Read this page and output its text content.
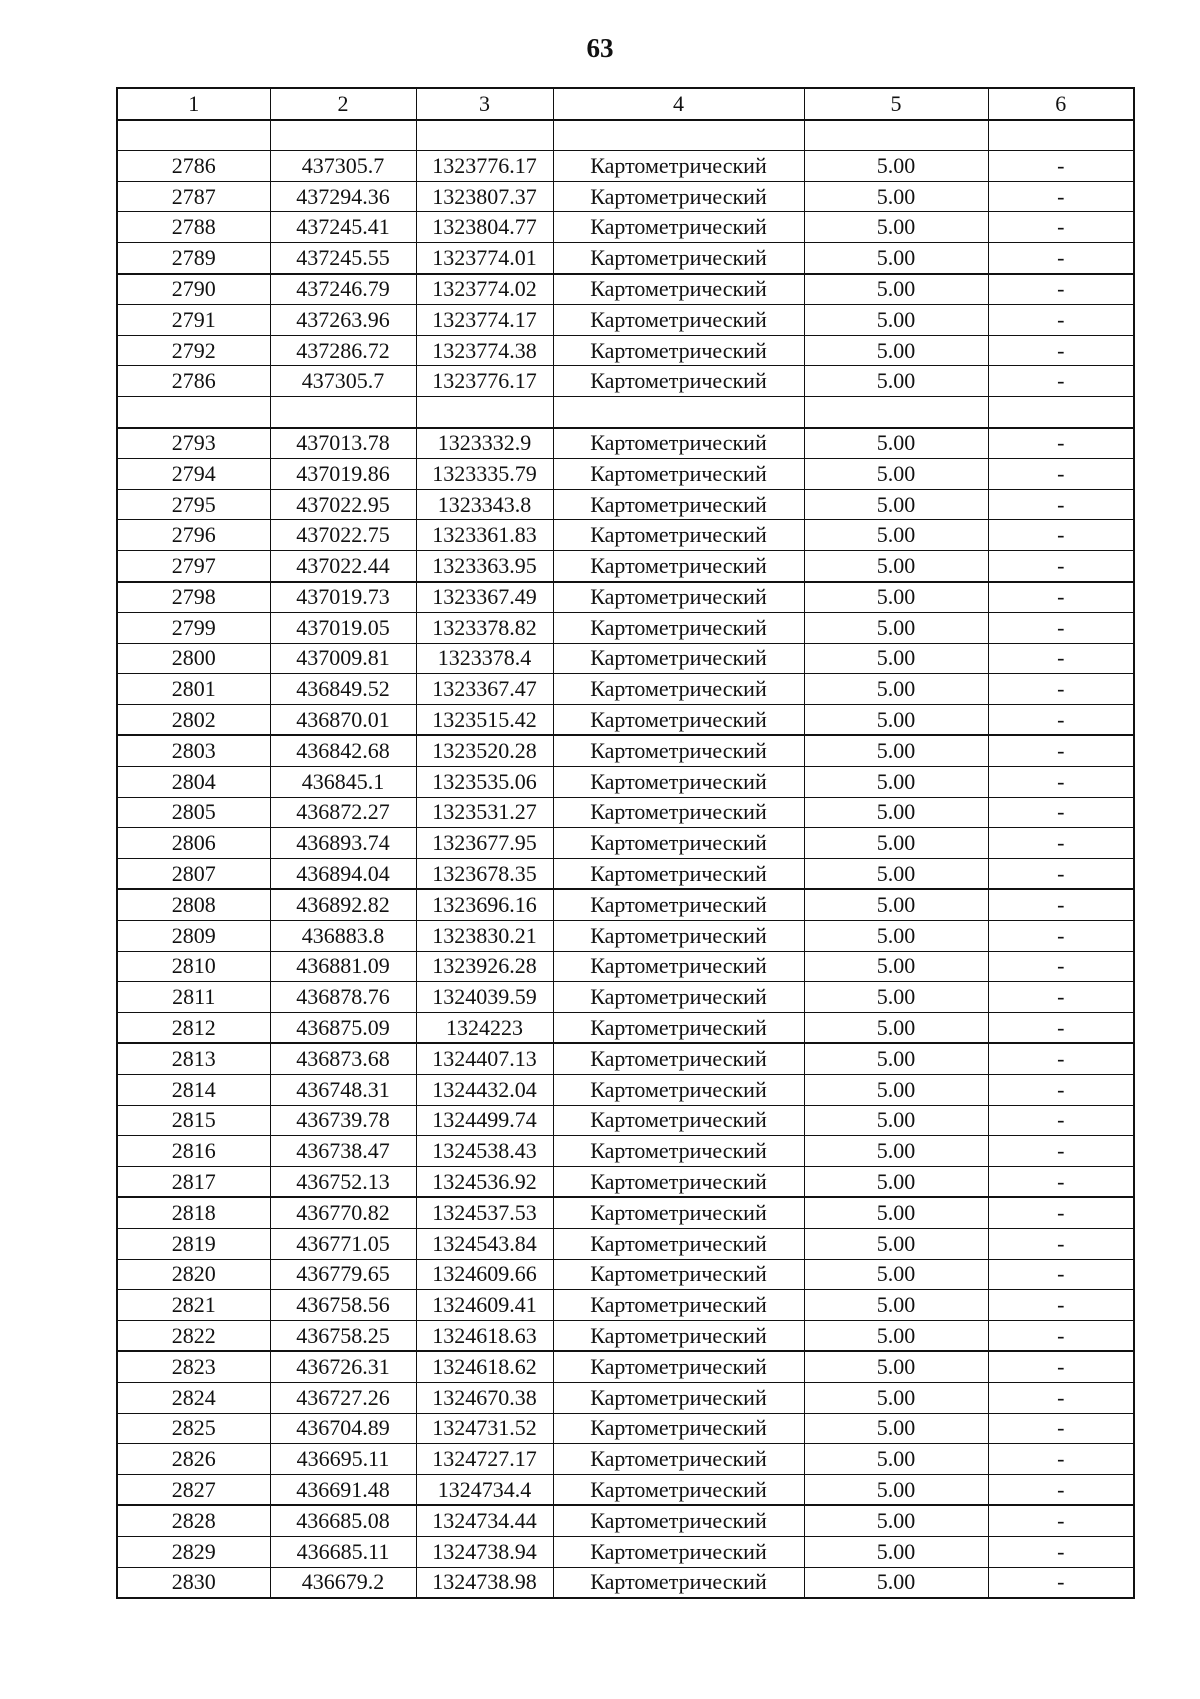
63
1	2	3	4	5	6

2786	437305.7	1323776.17	Картометрический	5.00	-
2787	437294.36	1323807.37	Картометрический	5.00	-
2788	437245.41	1323804.77	Картометрический	5.00	-
2789	437245.55	1323774.01	Картометрический	5.00	-
2790	437246.79	1323774.02	Картометрический	5.00	-
2791	437263.96	1323774.17	Картометрический	5.00	-
2792	437286.72	1323774.38	Картометрический	5.00	-
2786	437305.7	1323776.17	Картометрический	5.00	-

2793	437013.78	1323332.9	Картометрический	5.00	-
2794	437019.86	1323335.79	Картометрический	5.00	-
2795	437022.95	1323343.8	Картометрический	5.00	-
2796	437022.75	1323361.83	Картометрический	5.00	-
2797	437022.44	1323363.95	Картометрический	5.00	-
2798	437019.73	1323367.49	Картометрический	5.00	-
2799	437019.05	1323378.82	Картометрический	5.00	-
2800	437009.81	1323378.4	Картометрический	5.00	-
2801	436849.52	1323367.47	Картометрический	5.00	-
2802	436870.01	1323515.42	Картометрический	5.00	-
2803	436842.68	1323520.28	Картометрический	5.00	-
2804	436845.1	1323535.06	Картометрический	5.00	-
2805	436872.27	1323531.27	Картометрический	5.00	-
2806	436893.74	1323677.95	Картометрический	5.00	-
2807	436894.04	1323678.35	Картометрический	5.00	-
2808	436892.82	1323696.16	Картометрический	5.00	-
2809	436883.8	1323830.21	Картометрический	5.00	-
2810	436881.09	1323926.28	Картометрический	5.00	-
2811	436878.76	1324039.59	Картометрический	5.00	-
2812	436875.09	1324223	Картометрический	5.00	-
2813	436873.68	1324407.13	Картометрический	5.00	-
2814	436748.31	1324432.04	Картометрический	5.00	-
2815	436739.78	1324499.74	Картометрический	5.00	-
2816	436738.47	1324538.43	Картометрический	5.00	-
2817	436752.13	1324536.92	Картометрический	5.00	-
2818	436770.82	1324537.53	Картометрический	5.00	-
2819	436771.05	1324543.84	Картометрический	5.00	-
2820	436779.65	1324609.66	Картометрический	5.00	-
2821	436758.56	1324609.41	Картометрический	5.00	-
2822	436758.25	1324618.63	Картометрический	5.00	-
2823	436726.31	1324618.62	Картометрический	5.00	-
2824	436727.26	1324670.38	Картометрический	5.00	-
2825	436704.89	1324731.52	Картометрический	5.00	-
2826	436695.11	1324727.17	Картометрический	5.00	-
2827	436691.48	1324734.4	Картометрический	5.00	-
2828	436685.08	1324734.44	Картометрический	5.00	-
2829	436685.11	1324738.94	Картометрический	5.00	-
2830	436679.2	1324738.98	Картометрический	5.00	-
